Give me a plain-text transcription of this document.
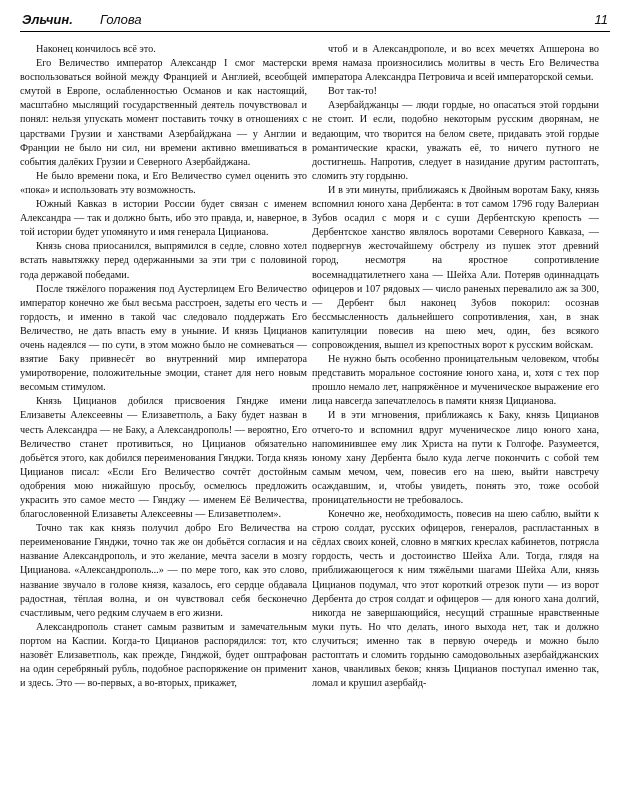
Эльчин. Голова	11

Наконец кончилось всё это.

Его Величество император Александр I смог мастерски воспользоваться войной между Францией и Англией, всеобщей смутой в Европе, ослабленностью Османов и как настоящий, масштабно мыслящий государственный деятель почувствовал и понял: нельзя упускать момент поставить точку в отношениях с царствами Грузии и ханствами Азербайджана — у Англии и Франции не было ни сил, ни времени активно вмешиваться в события далёких Грузии и Северного Азербайджана.

Не было времени пока, и Его Величество сумел оценить это «пока» и использовать эту возможность.

Южный Кавказ в истории России будет связан с именем Александра — так и должно быть, ибо это правда, и, наверное, в той истории будет упомянуто и имя генерала Цицианова.

Князь снова приосанился, выпрямился в седле, словно хотел встать навытяжку перед одержанными за эти три с половиной года державой победами.

После тяжёлого поражения под Аустерлицем Его Величество император конечно же был весьма расстроен, задеты его честь и гордость, и именно в такой час следовало поддержать Его Величество, не дать впасть ему в уныние. И князь Цицианов очень надеялся — по сути, в этом можно было не сомневаться — взятие Баку привнесёт во внутренний мир императора умиротворение, положительные эмоции, станет для него новым весомым стимулом.

Князь Цицианов добился присвоения Гяндже имени Елизаветы Алексеевны — Елизаветполь, а Баку будет назван в честь Александра — не Баку, а Александрополь! — вероятно, Его Величество станет противиться, но Цицианов обязательно добьётся этого, как добился переименования Гянджи. Тогда князь Цицианов писал: «Если Его Величество сочтёт достойным одобрения мою нижайшую просьбу, осмелюсь предложить украсить это самое место — Гянджу — именем Её Величества, благословенной Елизаветы Алексеевны — Елизаветполем».

Точно так как князь получил добро Его Величества на переименование Гянджи, точно так же он добьётся согласия и на название Александрополь, и это желание, мечта засели в мозгу Цицианова. «Александрополь...» — по мере того, как это слово, название звучало в голове князя, казалось, его сердце обдавала радостная, тёплая волна, и он чувствовал себя бесконечно счастливым, чего редким случаем в его жизни.

Александрополь станет самым развитым и замечательным портом на Каспии. Когда-то Цицианов распорядился: тот, кто назовёт Елизаветполь, как прежде, Гянджой, будет оштрафован на один серебряный рубль, подобное распоряжение он применит и здесь. Это — во-первых, а во-вторых, прикажет,

чтоб и в Александрополе, и во всех мечетях Апшерона во время намаза произносились молитвы в честь Его Величества императора Александра Петровича и всей императорской семьи.

Вот так-то!

Азербайджанцы — люди гордые, но опасаться этой гордыни не стоит. И если, подобно некоторым русским дворянам, не ведающим, что творится на белом свете, придавать этой гордые романтические краски, уважать её, то ничего путного не достигнешь. Напротив, следует в назидание другим растоптать, сломить эту гордыню.

И в эти минуты, приближаясь к Двойным воротам Баку, князь вспомнил юного хана Дербента: в тот самом 1796 году Валериан Зубов осадил с моря и с суши Дербентскую крепость — Дербентское ханство являлось воротами Северного Кавказа, — подвергнув жесточайшему обстрелу из пушек этот древний город, несмотря на яростное сопротивление восемнадцатилетнего хана — Шейха Али. Потеряв одиннадцать офицеров и 107 рядовых — число раненых перевалило аж за 300, — Дербент был наконец Зубов покорил: осознав бессмысленность дальнейшего сопротивления, хан, в знак капитуляции повесив на шею меч, один, без всякого сопровождения, вышел из крепостных ворот к русским войскам.

Не нужно быть особенно проницательным человеком, чтобы представить моральное состояние юного хана, и, хотя с тех пор прошло немало лет, напряжённое и мученическое выражение его лица навсегда запечатлелось в памяти князя Цицианова.

И в эти мгновения, приближаясь к Баку, князь Цицианов отчего-то и вспомнил вдруг мученическое лицо юного хана, напоминившее ему лик Христа на пути к Голгофе. Разумеется, юному хану Дербента было куда легче покончить с собой тем самым мечом, чем, повесив его на шею, выйти навстречу осаждавшим, и, чтобы увидеть, понять это, тоже особой проницательности не требовалось.

Конечно же, необходимость, повесив на шею саблю, выйти к строю солдат, русских офицеров, генералов, распластанных в сёдлах своих коней, словно в мягких креслах кабинетов, потрясла гордость, честь и достоинство Шейха Али. Тогда, глядя на приближающегося к ним тяжёлыми шагами Шейха Али, князь Цицианов подумал, что этот короткий отрезок пути — из ворот Дербента до строя солдат и офицеров — для юного хана долгий, никогда не завершающийся, несущий страшные нравственные муки путь. Но что делать, иного выхода нет, так и должно случиться; именно так в первую очередь и можно было растоптать и сломить гордыню самодовольных азербайджанских ханов, чванливых беков; князь Цицианов поступал именно так, ломал и крушил азербайд-
